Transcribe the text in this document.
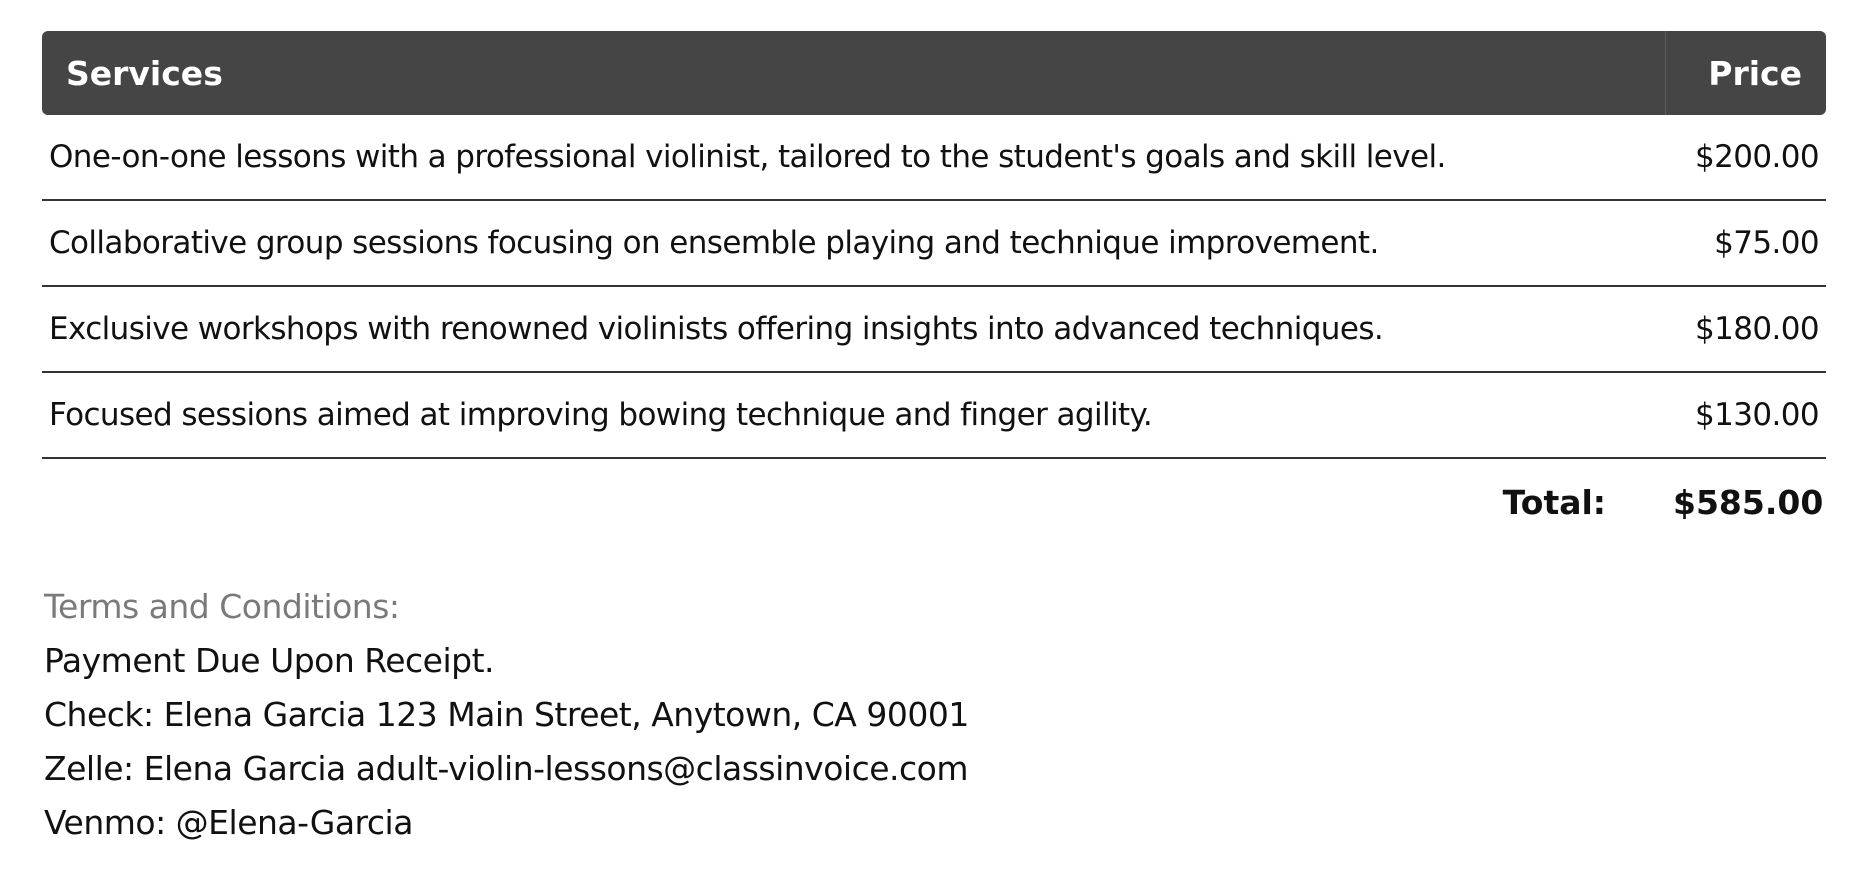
Services	Price
One-on-one lessons with a professional violinist, tailored to the student's goals and skill level.	$200.00
Collaborative group sessions focusing on ensemble playing and technique improvement.	$75.00
Exclusive workshops with renowned violinists offering insights into advanced techniques.	$180.00
Focused sessions aimed at improving bowing technique and finger agility.	$130.00
Total:	$585.00
Terms and Conditions:
Payment Due Upon Receipt.
Check: Elena Garcia 123 Main Street, Anytown, CA 90001
Zelle: Elena Garcia adult-violin-lessons@classinvoice.com
Venmo: @Elena-Garcia
